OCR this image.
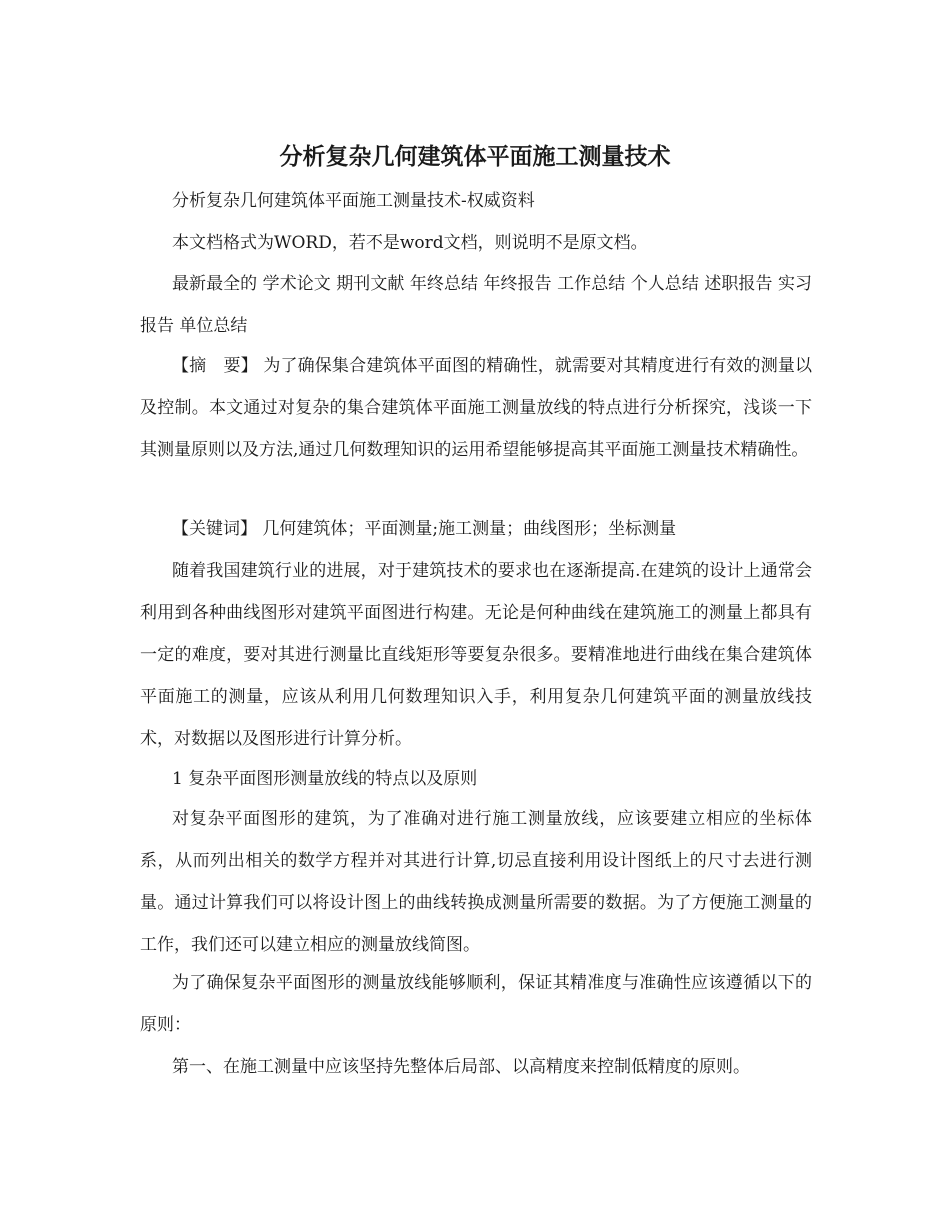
分析复杂几何建筑体平面施工测量技术

分析复杂几何建筑体平面施工测量技术-权威资料

本文档格式为WORD，若不是word文档，则说明不是原文档。

最新最全的 学术论文 期刊文献 年终总结 年终报告 工作总结 个人总结 述职报告 实习报告 单位总结

【摘　要】 为了确保集合建筑体平面图的精确性，就需要对其精度进行有效的测量以及控制。本文通过对复杂的集合建筑体平面施工测量放线的特点进行分析探究，浅谈一下其测量原则以及方法,通过几何数理知识的运用希望能够提高其平面施工测量技术精确性。

【关键词】 几何建筑体；平面测量;施工测量；曲线图形；坐标测量

随着我国建筑行业的进展，对于建筑技术的要求也在逐渐提高.在建筑的设计上通常会利用到各种曲线图形对建筑平面图进行构建。无论是何种曲线在建筑施工的测量上都具有一定的难度，要对其进行测量比直线矩形等要复杂很多。要精准地进行曲线在集合建筑体平面施工的测量，应该从利用几何数理知识入手，利用复杂几何建筑平面的测量放线技术，对数据以及图形进行计算分析。

1 复杂平面图形测量放线的特点以及原则

对复杂平面图形的建筑，为了准确对进行施工测量放线，应该要建立相应的坐标体系，从而列出相关的数学方程并对其进行计算,切忌直接利用设计图纸上的尺寸去进行测量。通过计算我们可以将设计图上的曲线转换成测量所需要的数据。为了方便施工测量的工作，我们还可以建立相应的测量放线简图。

为了确保复杂平面图形的测量放线能够顺利，保证其精准度与准确性应该遵循以下的原则：

第一、在施工测量中应该坚持先整体后局部、以高精度来控制低精度的原则。
